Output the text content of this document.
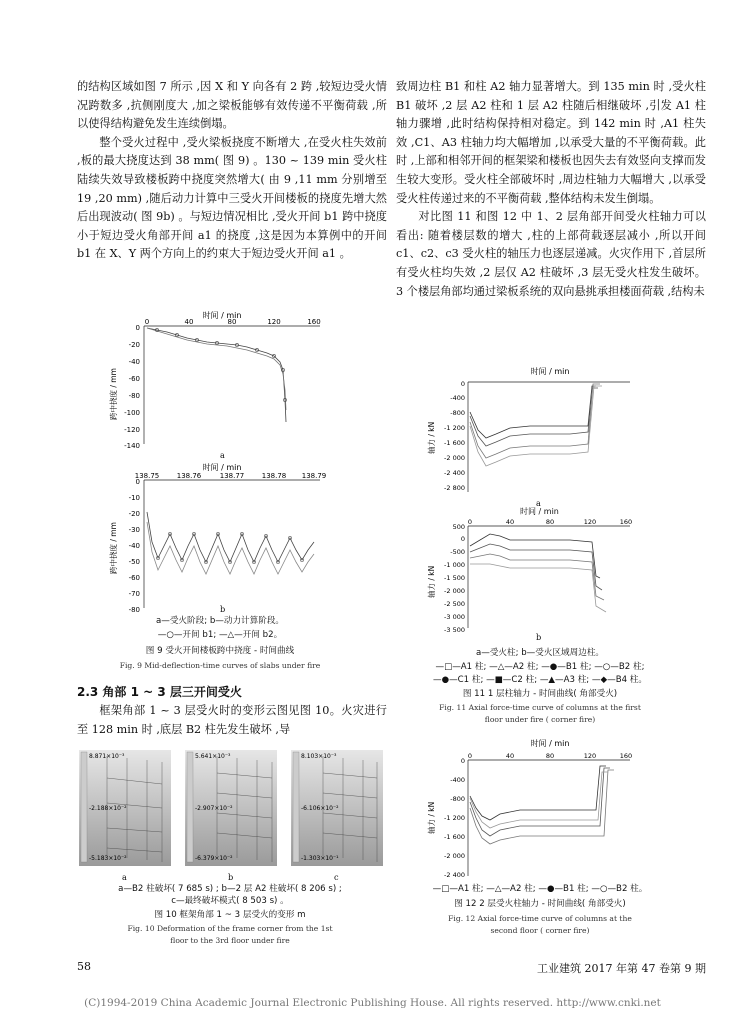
的结构区域如图 7 所示 ,因 X 和 Y 向各有 2 跨 ,较短边受火情况跨数多 ,抗侧刚度大 ,加之梁板能够有效传递不平衡荷载 ,所以使得结构避免发生连续倒塌。

整个受火过程中 ,受火梁板挠度不断增大 ,在受火柱失效前 ,板的最大挠度达到 38 mm( 图 9) 。130 ~ 139 min 受火柱陆续失效导致楼板跨中挠度突然增大( 由 9 ,11 mm 分别增至 19 ,20 mm) ,随后动力计算中三受火开间楼板的挠度先增大然后出现波动( 图 9b) 。与短边情况相比 ,受火开间 b1 跨中挠度小于短边受火角部开间 a1 的挠度 ,这是因为本算例中的开间 b1 在 X、Y 两个方向上的约束大于短边受火开间 a1 。

时间 / min
0	40	80	120	160
0
-20
-40
-60
-80
-100
-120
-140
跨中挠度 / mm
a
时间 / min
138.75	138.76	138.77	138.78 138.79
0
-10
-20
-30
-40
-50
-60
-70
-80
跨中挠度 / mm
b
a—受火阶段; b—动力计算阶段。
—○—开间 b1; —△—开间 b2。
图 9 受火开间楼板跨中挠度 - 时间曲线
Fig. 9 Mid-deflection-time curves of slabs under fire
2.3 角部 1 ~ 3 层三开间受火

框架角部 1 ~ 3 层受火时的变形云图见图 10。火灾进行至 128 min 时 ,底层 B2 柱先发生破坏 ,导

8.871×10⁻³
-2.188×10⁻²
-5.183×10⁻²
5.641×10⁻³
-2.907×10⁻²
-6.379×10⁻²
8.103×10⁻³
-6.106×10⁻²
-1.303×10⁻¹
a	b	c
a—B2 柱破坏( 7 685 s) ; b—2 层 A2 柱破坏( 8 206 s) ;
c—最终破坏模式( 8 503 s) 。
图 10 框架角部 1 ~ 3 层受火的变形 m
Fig. 10 Deformation of the frame corner from the 1st
floor to the 3rd floor under fire

致周边柱 B1 和柱 A2 轴力显著增大。到 135 min 时 ,受火柱 B1 破坏 ,2 层 A2 柱和 1 层 A2 柱随后相继破坏 ,引发 A1 柱轴力骤增 ,此时结构保持相对稳定。到 142 min 时 ,A1 柱失效 ,C1、A3 柱轴力均大幅增加 ,以承受大量的不平衡荷载。此时 ,上部和相邻开间的框架梁和楼板也因失去有效竖向支撑而发生较大变形。受火柱全部破坏时 ,周边柱轴力大幅增大 ,以承受受火柱传递过来的不平衡荷载 ,整体结构未发生倒塌。

对比图 11 和图 12 中 1、2 层角部开间受火柱轴力可以看出: 随着楼层数的增大 ,柱的上部荷载逐层减小 ,所以开间 c1、c2、c3 受火柱的轴压力也逐层递减。火灾作用下 ,首层所有受火柱均失效 ,2 层仅 A2 柱破坏 ,3 层无受火柱发生破坏。3 个楼层角部均通过梁板系统的双向悬挑承担楼面荷载 ,结构未

时间 / min
0
-400
-800
-1 200
-1 600
-2 000
-2 400
-2 800
轴力 / kN
a
时间 / min
0	40	80	120	160
500
0
-500
-1 000
-1 500
-2 000
-2 500
-3 000
-3 500
轴力 / kN
b
a—受火柱; b—受火区域周边柱。
—□—A1 柱; —△—A2 柱; —●—B1 柱; —○—B2 柱;
—●—C1 柱; —■—C2 柱; —▲—A3 柱; —◆—B4 柱。
图 11 1 层柱轴力 - 时间曲线( 角部受火)
Fig. 11 Axial force-time curve of columns at the first
floor under fire ( corner fire)
时间 / min
0	40	80	120	160
0
-400
-800
-1 200
-1 600
-2 000
-2 400
轴力 / kN
—□—A1 柱; —△—A2 柱; —●—B1 柱; —○—B2 柱。
图 12 2 层受火柱轴力 - 时间曲线( 角部受火)
Fig. 12 Axial force-time curve of columns at the
second floor ( corner fire)
58	工业建筑 2017 年第 47 卷第 9 期
(C)1994-2019 China Academic Journal Electronic Publishing House. All rights reserved. http://www.cnki.net
